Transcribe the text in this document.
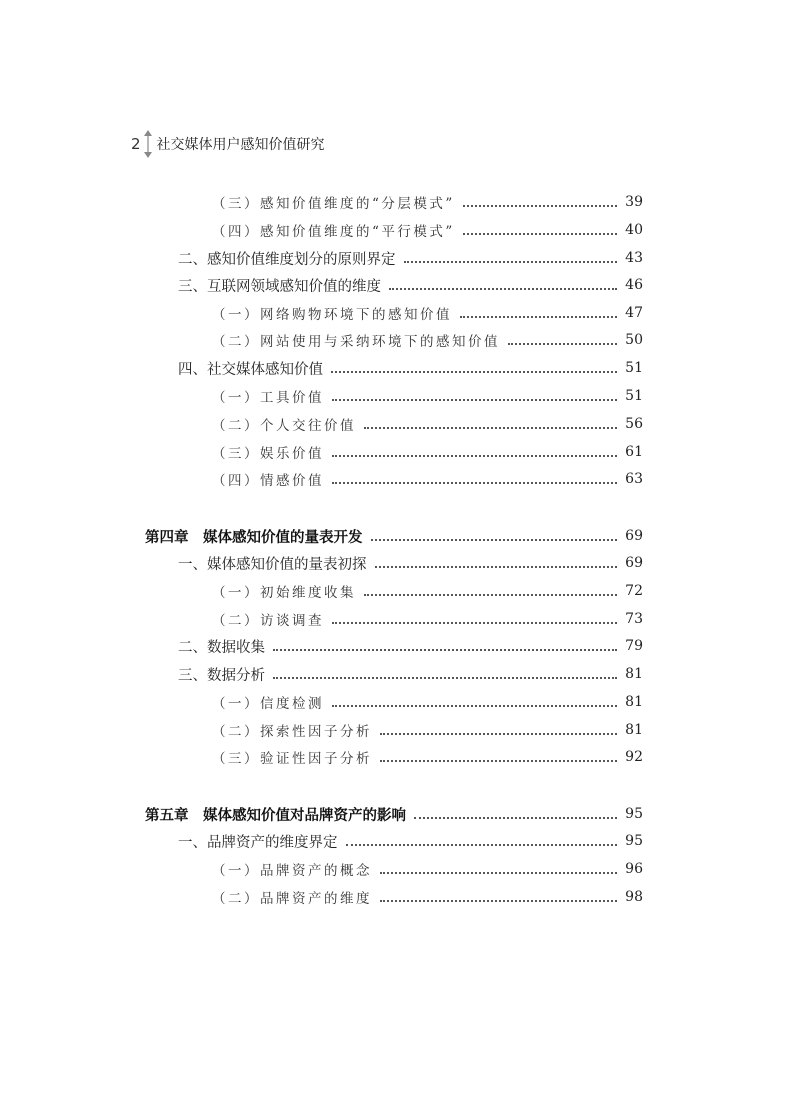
2 社交媒体用户感知价值研究
（三）感知价值维度的“分层模式”	39
（四）感知价值维度的“平行模式”	40
二、感知价值维度划分的原则界定	43
三、互联网领域感知价值的维度	46
（一）网络购物环境下的感知价值	47
（二）网站使用与采纳环境下的感知价值	50
四、社交媒体感知价值	51
（一）工具价值	51
（二）个人交往价值	56
（三）娱乐价值	61
（四）情感价值	63
第四章　媒体感知价值的量表开发	69
一、媒体感知价值的量表初探	69
（一）初始维度收集	72
（二）访谈调查	73
二、数据收集	79
三、数据分析	81
（一）信度检测	81
（二）探索性因子分析	81
（三）验证性因子分析	92
第五章　媒体感知价值对品牌资产的影响	95
一、品牌资产的维度界定	95
（一）品牌资产的概念	96
（二）品牌资产的维度	98
